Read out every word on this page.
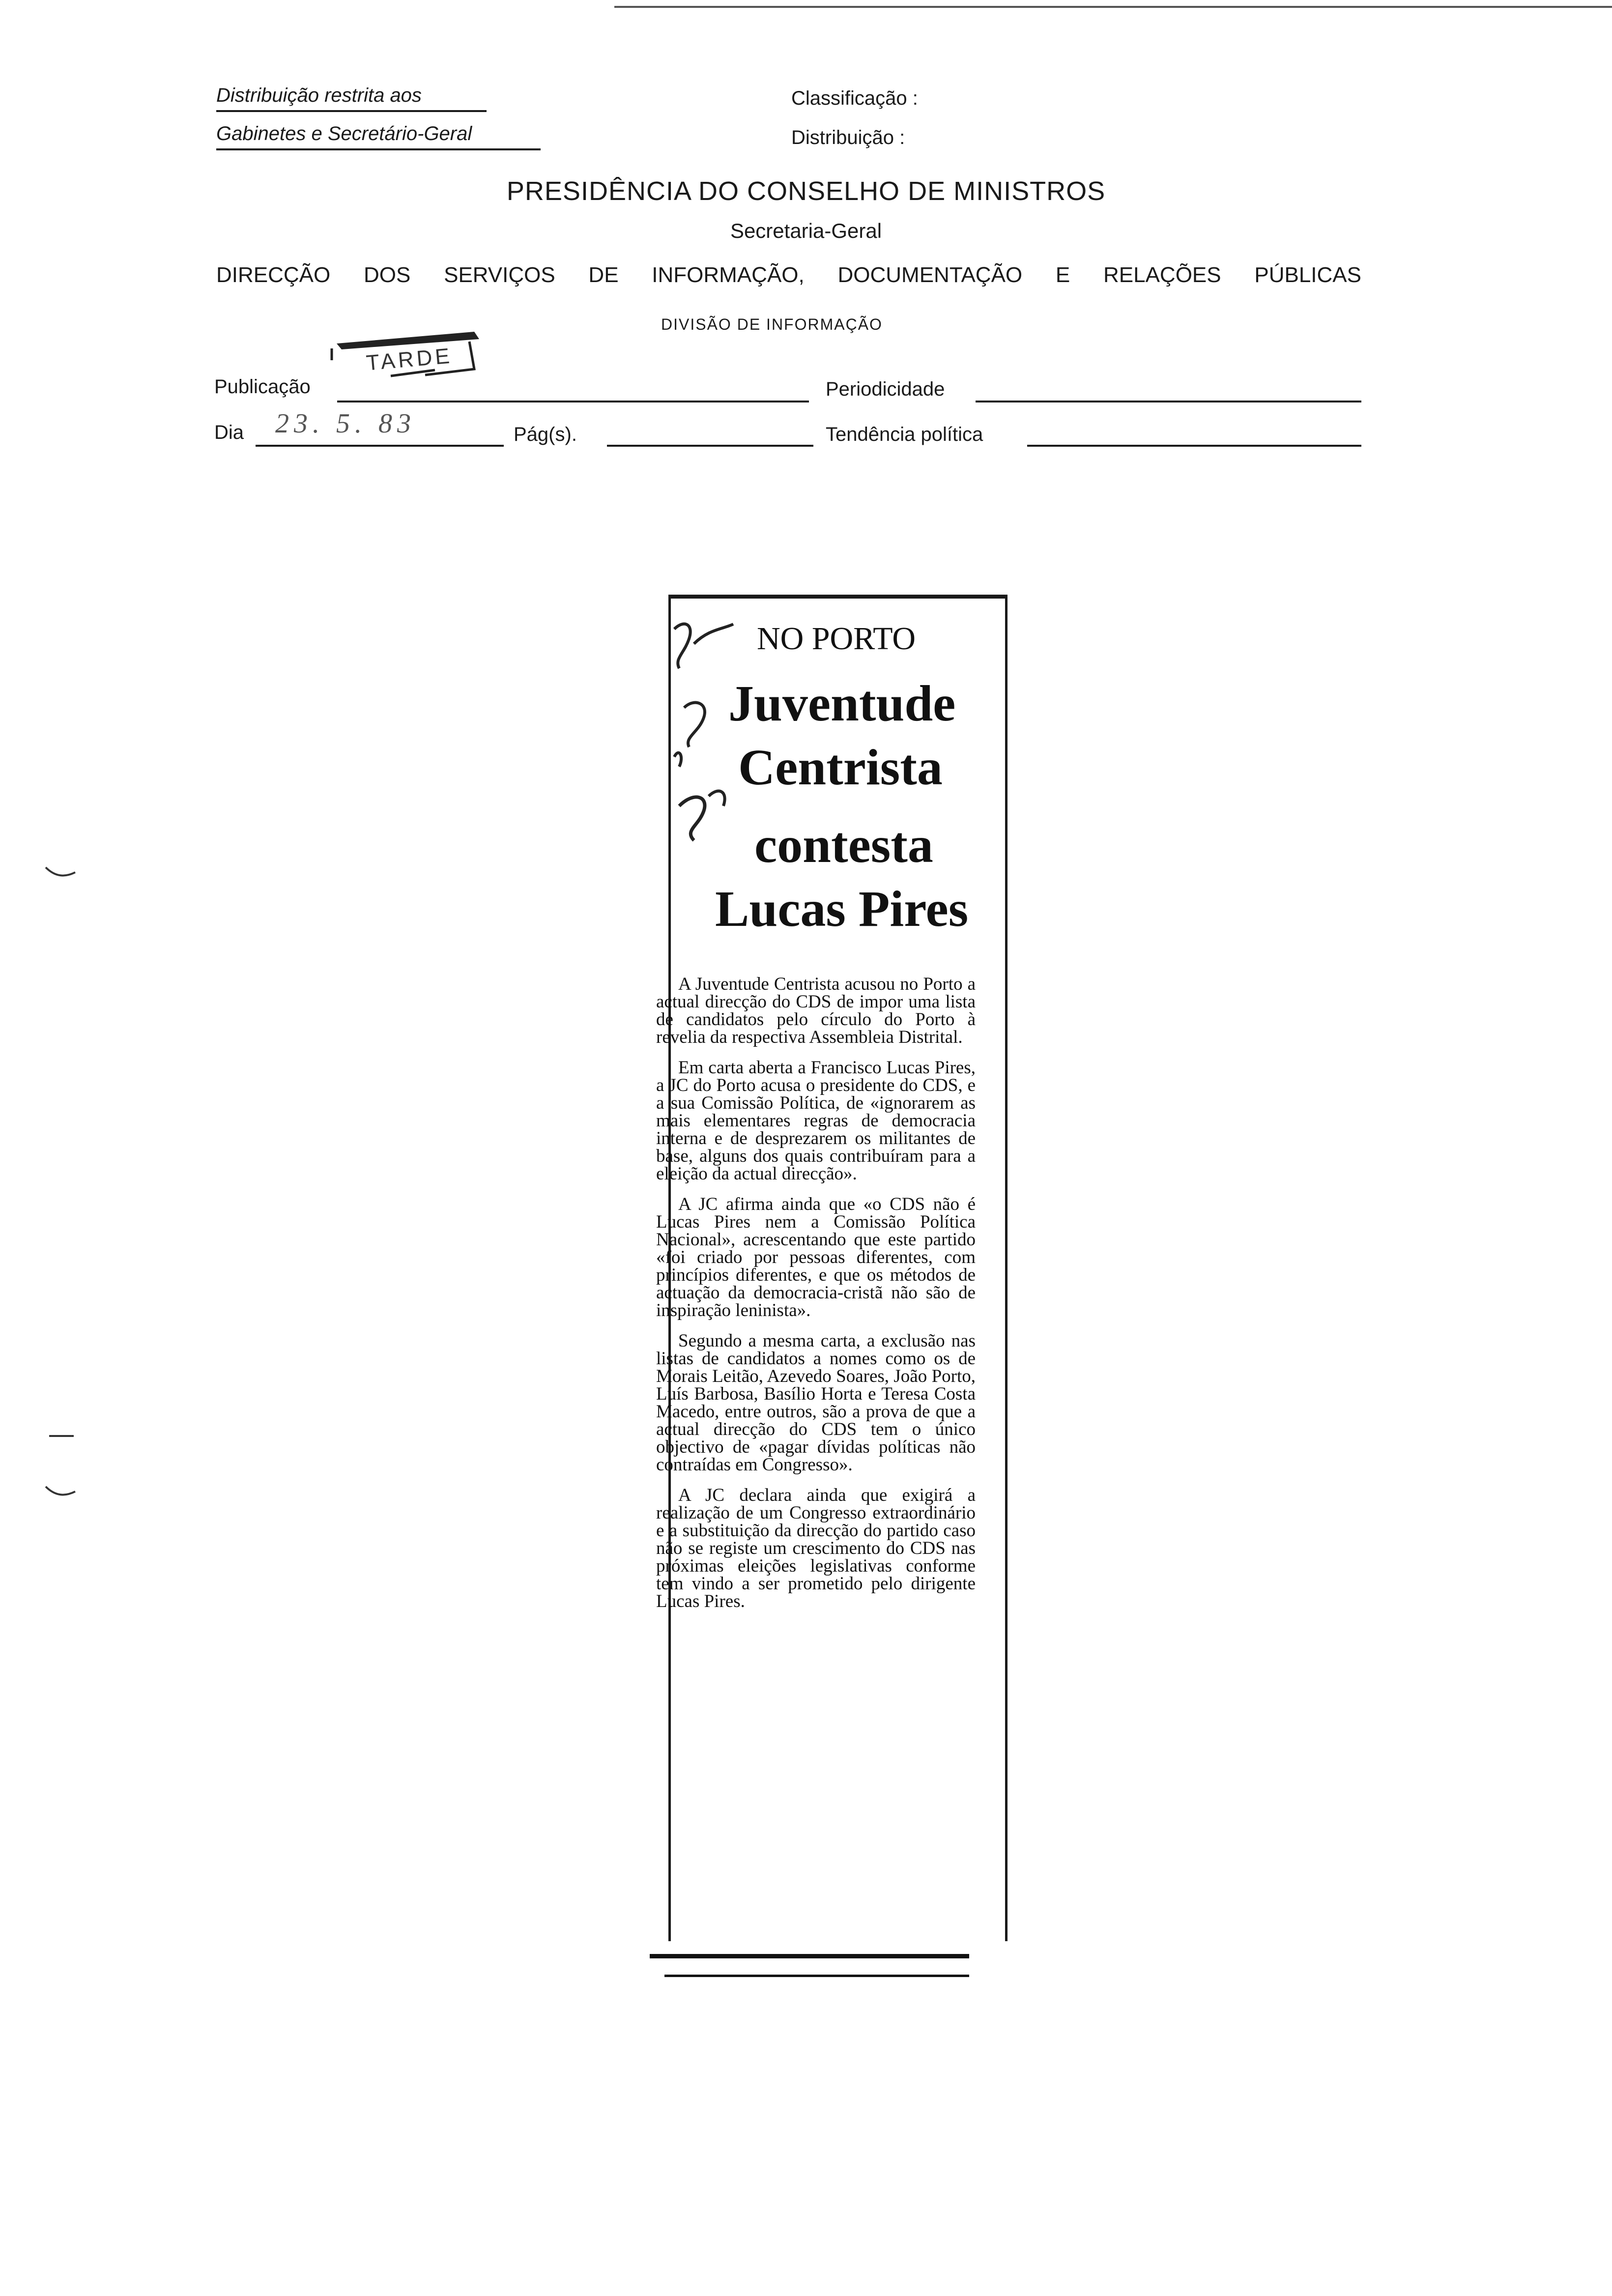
Distribuição restrita aos
Gabinetes e Secretário-Geral
Classificação :
Distribuição :
PRESIDÊNCIA DO CONSELHO DE MINISTROS
Secretaria-Geral
DIRECÇÃO DOS SERVIÇOS DE INFORMAÇÃO, DOCUMENTAÇÃO E RELAÇÕES PÚBLICAS
DIVISÃO DE INFORMAÇÃO
TARDE
Publicação	Periodicidade
Dia 23. 5. 83	Pág(s).	Tendência política
NO PORTO
Juventude
Centrista
contesta
Lucas Pires

A Juventude Centrista acusou no Porto a actual direcção do CDS de impor uma lista de candidatos pelo círculo do Porto à revelia da respectiva Assembleia Distrital.

Em carta aberta a Francisco Lucas Pires, a JC do Porto acusa o presidente do CDS, e a sua Comissão Política, de «ignorarem as mais elementares regras de democracia interna e de desprezarem os militantes de base, alguns dos quais contribuíram para a eleição da actual direcção».

A JC afirma ainda que «o CDS não é Lucas Pires nem a Comissão Política Nacional», acrescentando que este partido «foi criado por pessoas diferentes, com princípios diferentes, e que os métodos de actuação da democracia-cristã não são de inspiração leninista».

Segundo a mesma carta, a exclusão nas listas de candidatos a nomes como os de Morais Leitão, Azevedo Soares, João Porto, Luís Barbosa, Basílio Horta e Teresa Costa Macedo, entre outros, são a prova de que a actual direcção do CDS tem o único objectivo de «pagar dívidas políticas não contraídas em Congresso».

A JC declara ainda que exigirá a realização de um Congresso extraordinário e a substituição da direcção do partido caso não se registe um crescimento do CDS nas próximas eleições legislativas conforme tem vindo a ser prometido pelo dirigente Lucas Pires.
